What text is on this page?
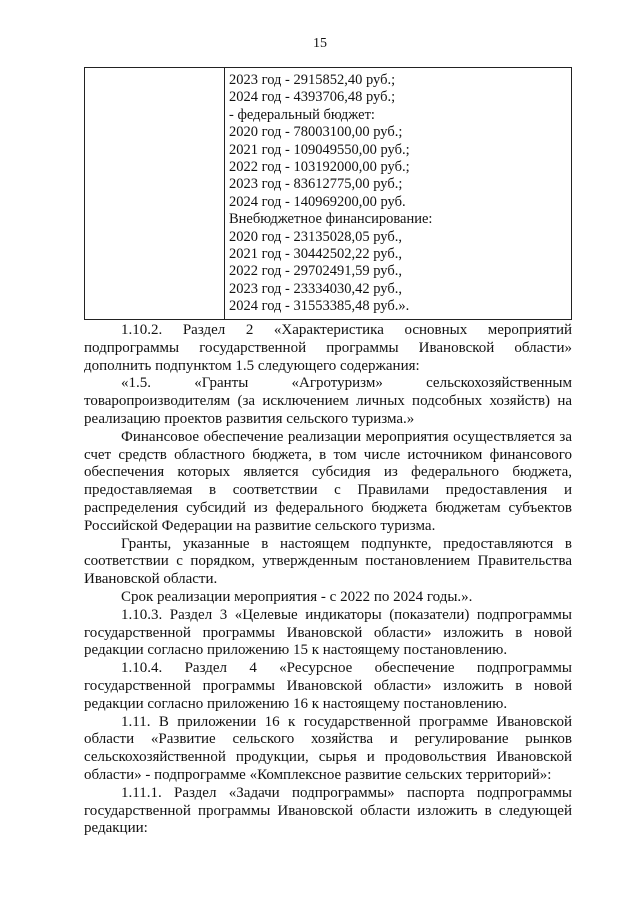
15
2023 год - 2915852,40 руб.;
2024 год - 4393706,48 руб.;
- федеральный бюджет:
2020 год - 78003100,00 руб.;
2021 год - 109049550,00 руб.;
2022 год - 103192000,00 руб.;
2023 год - 83612775,00 руб.;
2024 год - 140969200,00 руб.
Внебюджетное финансирование:
2020 год - 23135028,05 руб.,
2021 год - 30442502,22 руб.,
2022 год - 29702491,59 руб.,
2023 год - 23334030,42 руб.,
2024 год - 31553385,48 руб.».

1.10.2. Раздел 2 «Характеристика основных мероприятий подпрограммы государственной программы Ивановской области» дополнить подпунктом 1.5 следующего содержания:

«1.5. «Гранты «Агротуризм» сельскохозяйственным товаропроизводителям (за исключением личных подсобных хозяйств) на реализацию проектов развития сельского туризма.»

Финансовое обеспечение реализации мероприятия осуществляется за счет средств областного бюджета, в том числе источником финансового обеспечения которых является субсидия из федерального бюджета, предоставляемая в соответствии с Правилами предоставления и распределения субсидий из федерального бюджета бюджетам субъектов Российской Федерации на развитие сельского туризма.

Гранты, указанные в настоящем подпункте, предоставляются в соответствии с порядком, утвержденным постановлением Правительства Ивановской области.

Срок реализации мероприятия - с 2022 по 2024 годы.».

1.10.3. Раздел 3 «Целевые индикаторы (показатели) подпрограммы государственной программы Ивановской области» изложить в новой редакции согласно приложению 15 к настоящему постановлению.

1.10.4. Раздел 4 «Ресурсное обеспечение подпрограммы государственной программы Ивановской области» изложить в новой редакции согласно приложению 16 к настоящему постановлению.

1.11. В приложении 16 к государственной программе Ивановской области «Развитие сельского хозяйства и регулирование рынков сельскохозяйственной продукции, сырья и продовольствия Ивановской области» - подпрограмме «Комплексное развитие сельских территорий»:

1.11.1. Раздел «Задачи подпрограммы» паспорта подпрограммы государственной программы Ивановской области изложить в следующей редакции:
